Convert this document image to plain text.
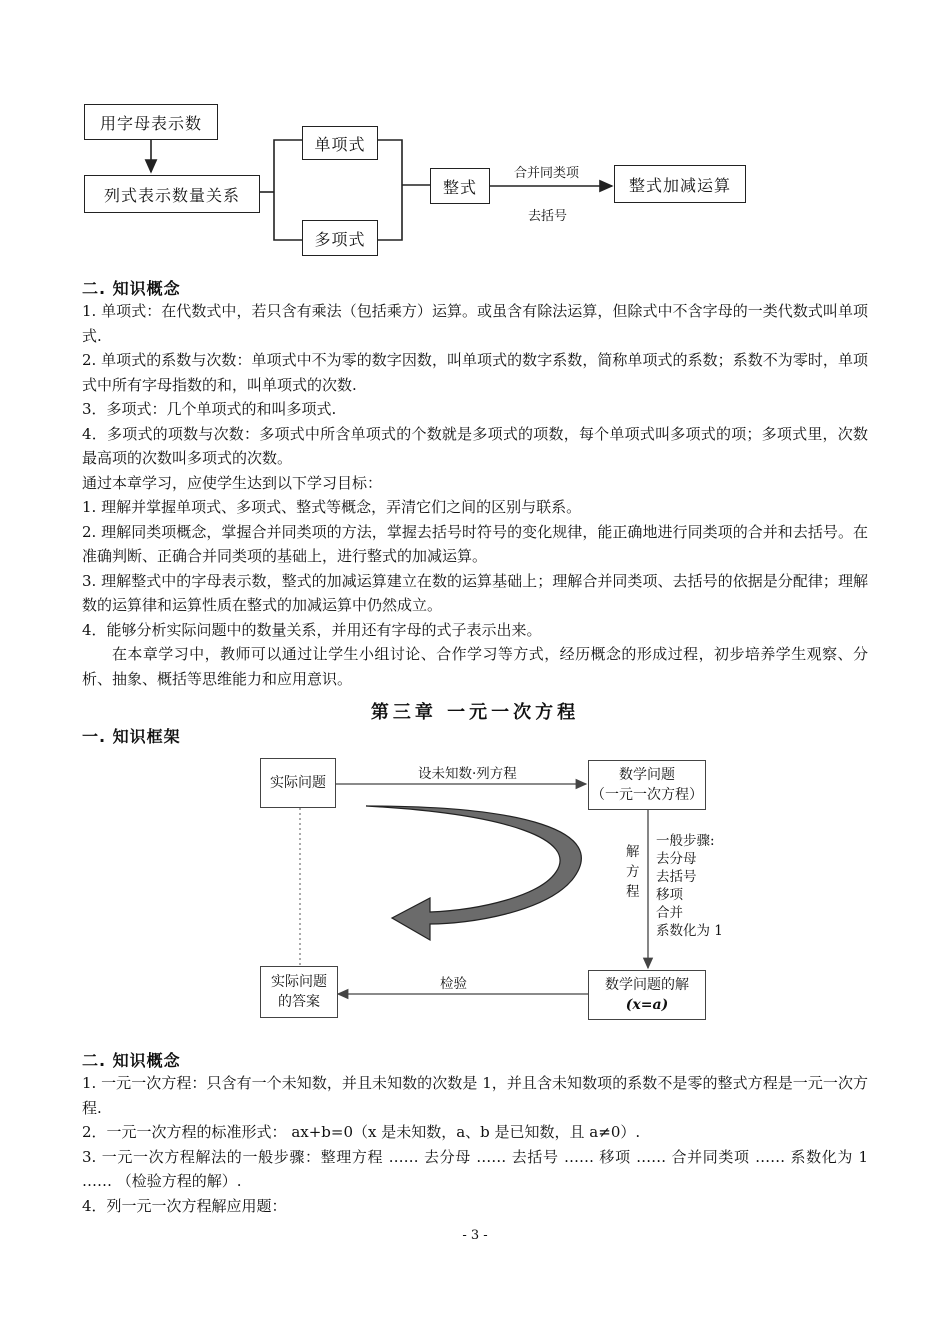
用字母表示数
列式表示数量关系
单项式
多项式
整式	整式加减运算
合并同类项
去括号
二. 知识概念

1. 单项式：在代数式中，若只含有乘法（包括乘方）运算。或虽含有除法运算，但除式中不含字母的一类代数式叫单项式.

2. 单项式的系数与次数：单项式中不为零的数字因数，叫单项式的数字系数，简称单项式的系数；系数不为零时，单项式中所有字母指数的和，叫单项式的次数.

3．多项式：几个单项式的和叫多项式.

4．多项式的项数与次数：多项式中所含单项式的个数就是多项式的项数，每个单项式叫多项式的项；多项式里，次数最高项的次数叫多项式的次数。

通过本章学习，应使学生达到以下学习目标：

1. 理解并掌握单项式、多项式、整式等概念，弄清它们之间的区别与联系。

2. 理解同类项概念，掌握合并同类项的方法，掌握去括号时符号的变化规律，能正确地进行同类项的合并和去括号。在准确判断、正确合并同类项的基础上，进行整式的加减运算。

3. 理解整式中的字母表示数，整式的加减运算建立在数的运算基础上；理解合并同类项、去括号的依据是分配律；理解数的运算律和运算性质在整式的加减运算中仍然成立。

4．能够分析实际问题中的数量关系，并用还有字母的式子表示出来。

在本章学习中，教师可以通过让学生小组讨论、合作学习等方式，经历概念的形成过程，初步培养学生观察、分析、抽象、概括等思维能力和应用意识。

第三章 一元一次方程
一. 知识框架
实际问题	数学问题
（一元一次方程）
实际问题
的答案
数学问题的解
(x=a)
设未知数·列方程
检验
解
方
程
一般步骤:
去分母
去括号
移项
合并
系数化为 1
二. 知识概念

1. 一元一次方程：只含有一个未知数，并且未知数的次数是 1，并且含未知数项的系数不是零的整式方程是一元一次方程.

2．一元一次方程的标准形式： ax+b=0（x 是未知数，a、b 是已知数，且 a≠0）.

3. 一元一次方程解法的一般步骤：整理方程 …… 去分母 …… 去括号 …… 移项 …… 合并同类项 …… 系数化为 1 …… （检验方程的解）.

4．列一元一次方程解应用题：

- 3 -
